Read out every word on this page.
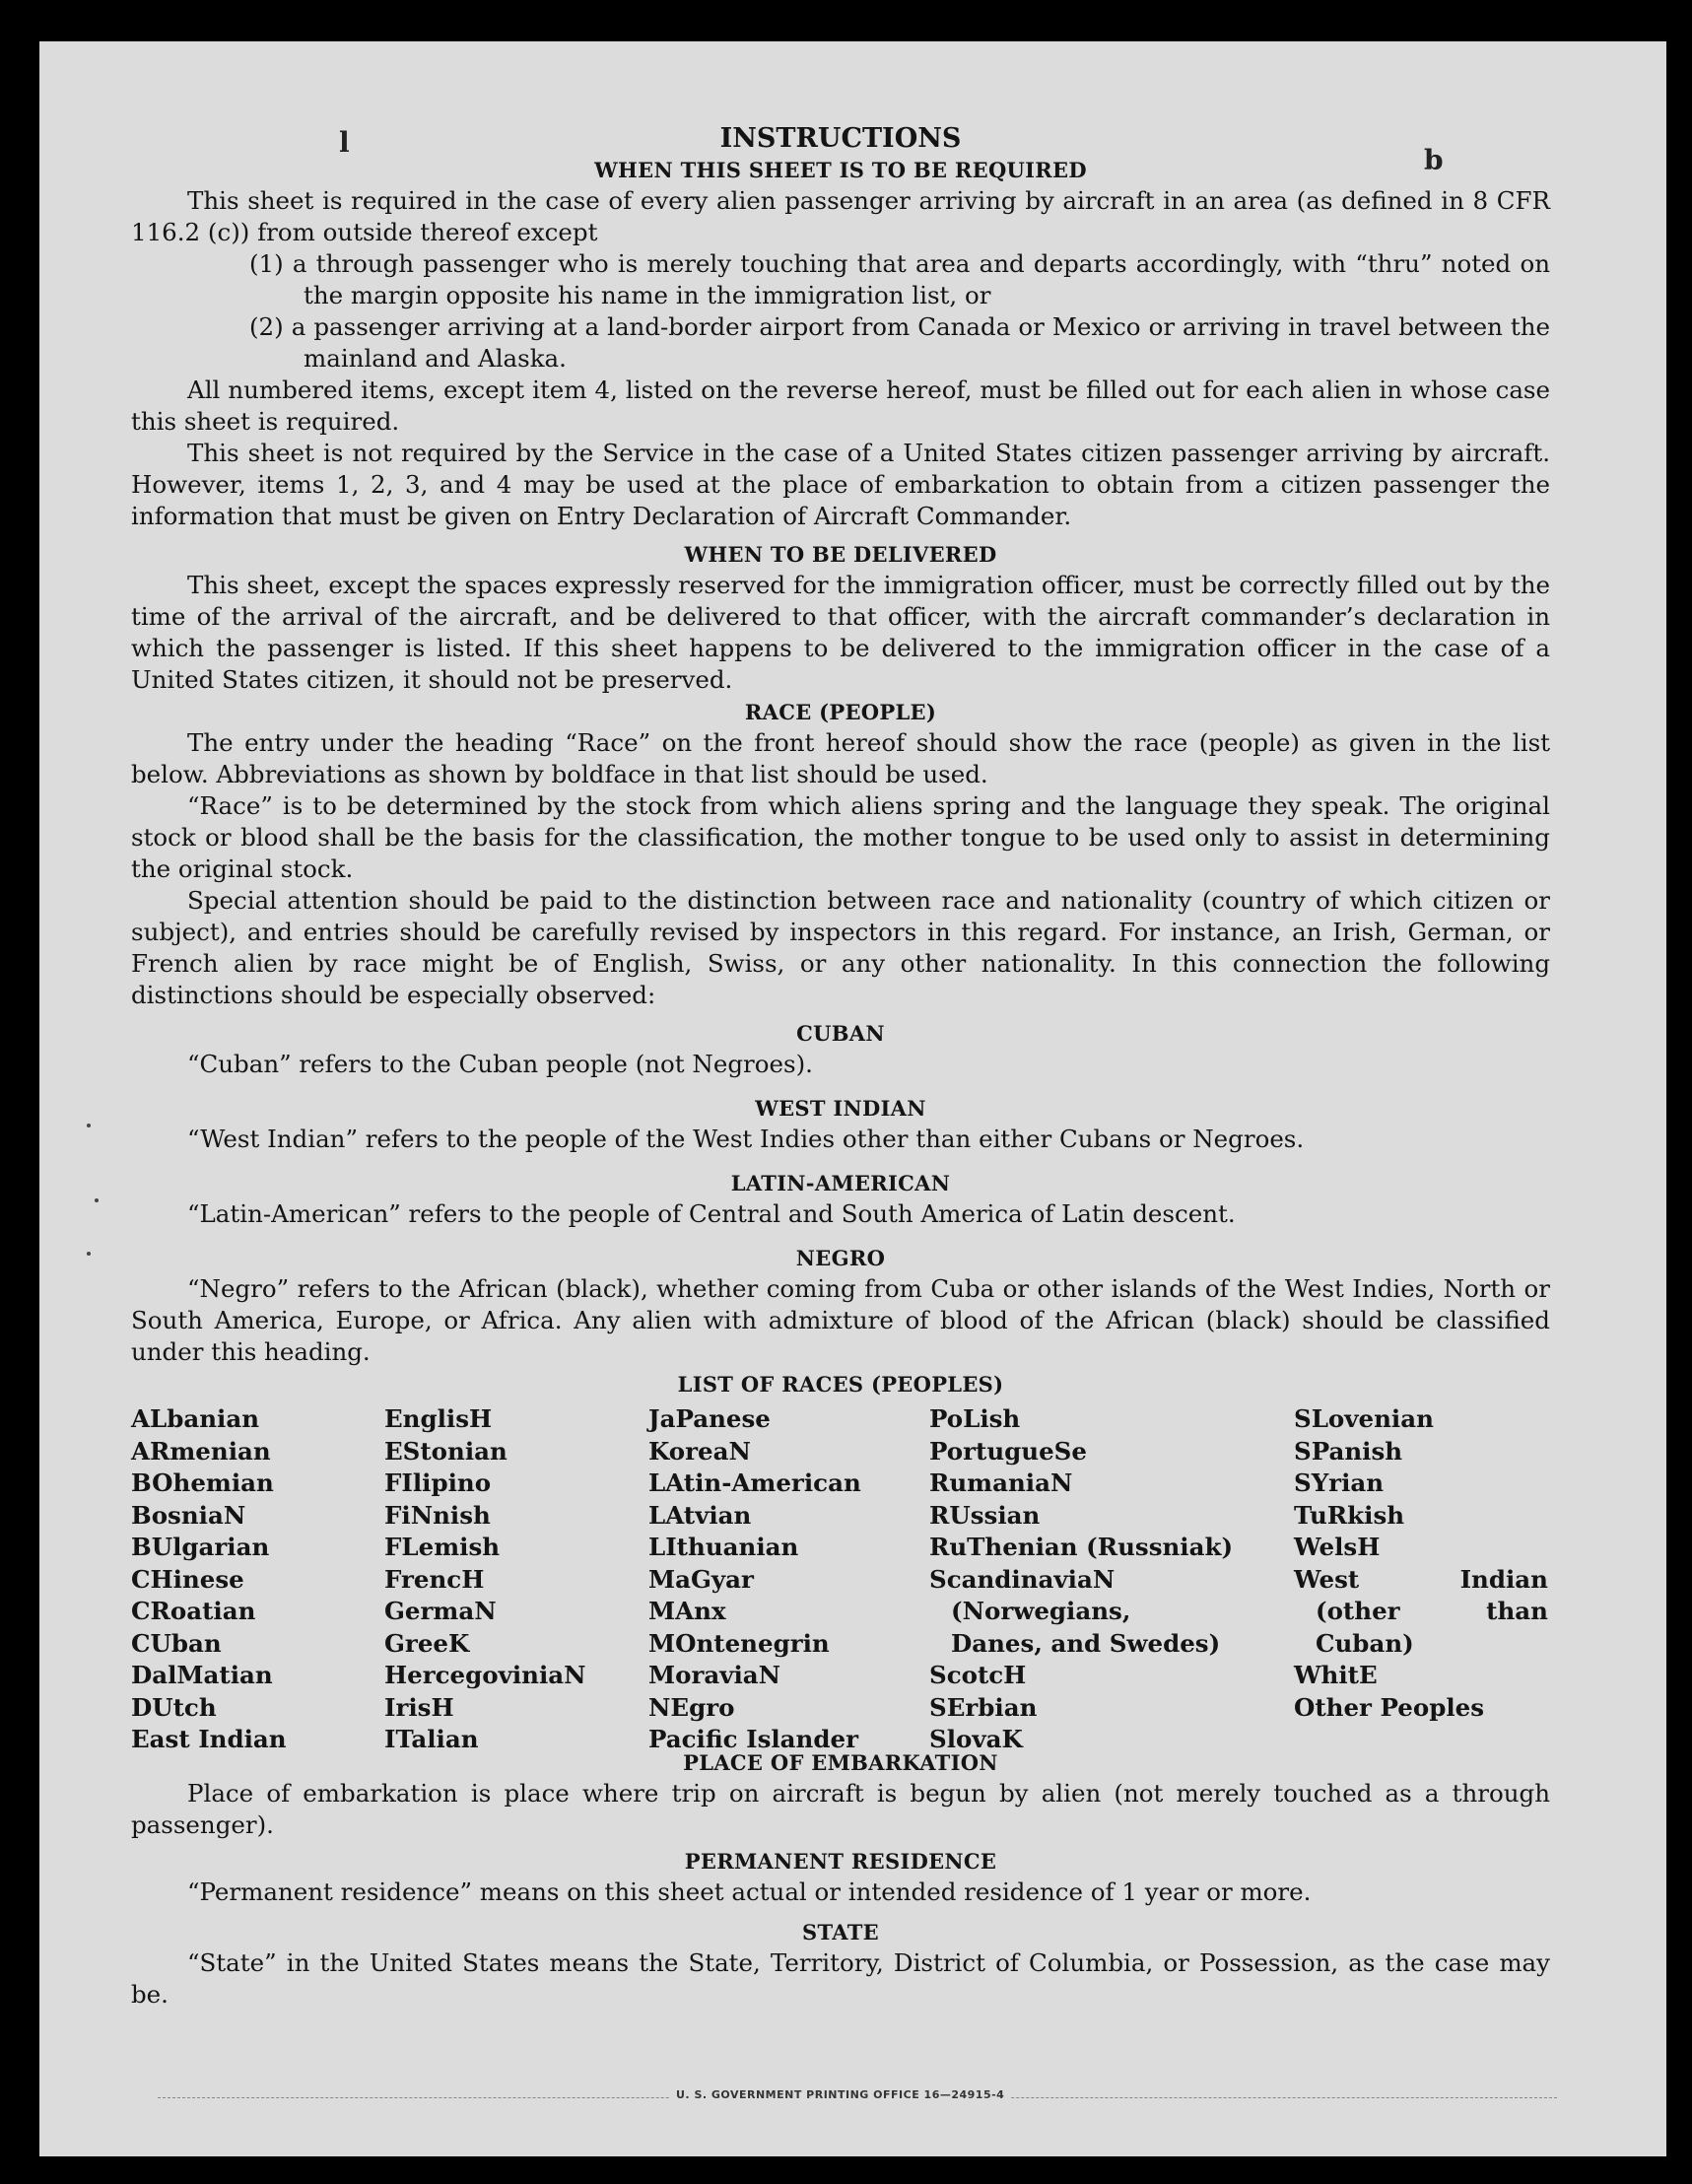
l
b
INSTRUCTIONS
WHEN THIS SHEET IS TO BE REQUIRED

This sheet is required in the case of every alien passenger arriving by aircraft in an area (as defined in 8 CFR 116.2 (c)) from outside thereof except

(1) a through passenger who is merely touching that area and departs accordingly, with “thru” noted on the margin opposite his name in the immigration list, or

(2) a passenger arriving at a land-border airport from Canada or Mexico or arriving in travel between the mainland and Alaska.

All numbered items, except item 4, listed on the reverse hereof, must be filled out for each alien in whose case this sheet is required.

This sheet is not required by the Service in the case of a United States citizen passenger arriving by aircraft. However, items 1, 2, 3, and 4 may be used at the place of embarkation to obtain from a citizen passenger the information that must be given on Entry Declaration of Aircraft Commander.

WHEN TO BE DELIVERED

This sheet, except the spaces expressly reserved for the immigration officer, must be correctly filled out by the time of the arrival of the aircraft, and be delivered to that officer, with the aircraft commander’s declaration in which the passenger is listed. If this sheet happens to be delivered to the immigration officer in the case of a United States citizen, it should not be preserved.

RACE (PEOPLE)

The entry under the heading “Race” on the front hereof should show the race (people) as given in the list below. Abbreviations as shown by boldface in that list should be used.

“Race” is to be determined by the stock from which aliens spring and the language they speak. The original stock or blood shall be the basis for the classification, the mother tongue to be used only to assist in determining the original stock.

Special attention should be paid to the distinction between race and nationality (country of which citizen or subject), and entries should be carefully revised by inspectors in this regard. For instance, an Irish, German, or French alien by race might be of English, Swiss, or any other nationality. In this connection the following distinctions should be especially observed:

CUBAN

“Cuban” refers to the Cuban people (not Negroes).

WEST INDIAN

“West Indian” refers to the people of the West Indies other than either Cubans or Negroes.

LATIN-AMERICAN

“Latin-American” refers to the people of Central and South America of Latin descent.

NEGRO

“Negro” refers to the African (black), whether coming from Cuba or other islands of the West Indies, North or South America, Europe, or Africa. Any alien with admixture of blood of the African (black) should be classified under this heading.

LIST OF RACES (PEOPLES)
ALbanian
ARmenian
BOhemian
BosniaN
BUlgarian
CHinese
CRoatian
CUban
DalMatian
DUtch
East Indian
EnglisH
EStonian
FIlipino
FiNnish
FLemish
FrencH
GermaN
GreeK
HercegoviniaN
IrisH
ITalian
JaPanese
KoreaN
LAtin-American
LAtvian
LIthuanian
MaGyar
MAnx
MOntenegrin
MoraviaN
NEgro
Pacific Islander
PoLish
PortugueSe
RumaniaN
RUssian
RuThenian (Russniak)
ScandinaviaN (Norwegians, Danes, and Swedes)
ScotcH
SErbian
SlovaK
SLovenian
SPanish
SYrian
TuRkish
WelsH
West Indian (other than Cuban)
WhitE
Other Peoples
PLACE OF EMBARKATION

Place of embarkation is place where trip on aircraft is begun by alien (not merely touched as a through passenger).

PERMANENT RESIDENCE

“Permanent residence” means on this sheet actual or intended residence of 1 year or more.

STATE

“State” in the United States means the State, Territory, District of Columbia, or Possession, as the case may be.

U. S. GOVERNMENT PRINTING OFFICE 16—24915-4
